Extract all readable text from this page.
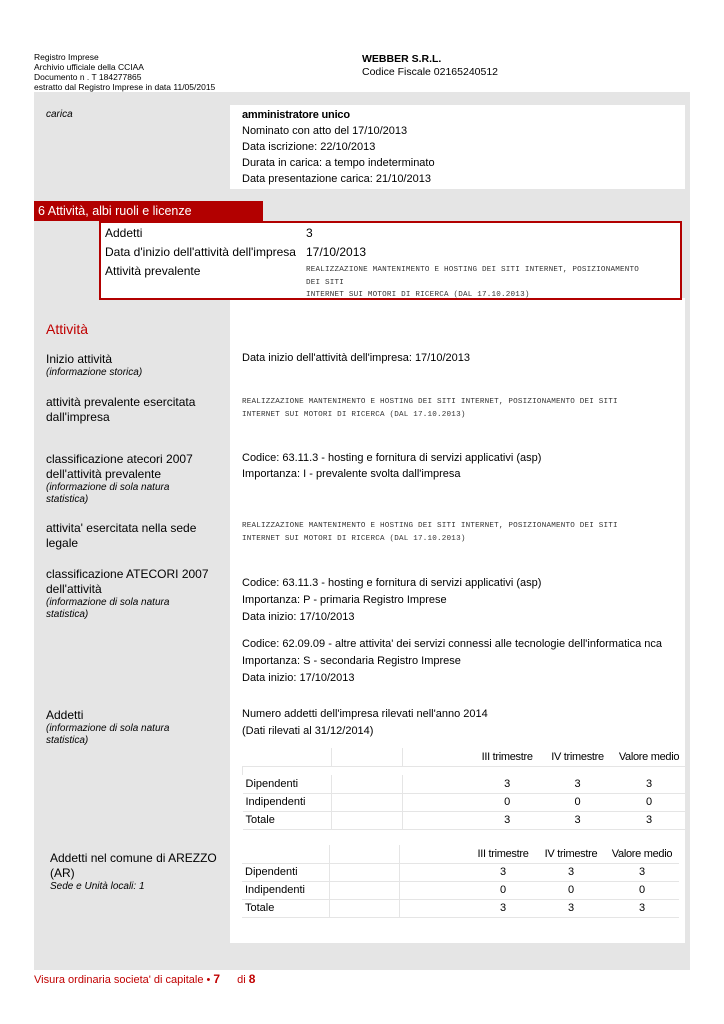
Registro Imprese
Archivio ufficiale della CCIAA
Documento n . T 184277865
estratto dal Registro Imprese in data 11/05/2015
WEBBER S.R.L.
Codice Fiscale 02165240512
carica	amministratore unico
Nominato con atto del 17/10/2013
Data iscrizione: 22/10/2013
Durata in carica: a tempo indeterminato
Data presentazione carica: 21/10/2013
6 Attività, albi ruoli e licenze
Addetti	3
Data d'inizio dell'attività dell'impresa 17/10/2013
Attività prevalente	REALIZZAZIONE MANTENIMENTO E HOSTING DEI SITI INTERNET, POSIZIONAMENTO
DEI SITI
INTERNET SUI MOTORI DI RICERCA (DAL 17.10.2013)
Attività
Inizio attività
(informazione storica)
Data inizio dell'attività dell'impresa: 17/10/2013
attività prevalente esercitata
dall'impresa
REALIZZAZIONE MANTENIMENTO E HOSTING DEI SITI INTERNET, POSIZIONAMENTO DEI SITI
INTERNET SUI MOTORI DI RICERCA (DAL 17.10.2013)
classificazione atecori 2007
dell'attività prevalente
(informazione di sola natura
statistica)
Codice: 63.11.3 - hosting e fornitura di servizi applicativi (asp)
Importanza: I - prevalente svolta dall'impresa
attivita' esercitata nella sede
legale
REALIZZAZIONE MANTENIMENTO E HOSTING DEI SITI INTERNET, POSIZIONAMENTO DEI SITI
INTERNET SUI MOTORI DI RICERCA (DAL 17.10.2013)
classificazione ATECORI 2007
dell'attività
(informazione di sola natura
statistica)
Codice: 63.11.3 - hosting e fornitura di servizi applicativi (asp)
Importanza: P - primaria Registro Imprese
Data inizio: 17/10/2013
Codice: 62.09.09 - altre attivita' dei servizi connessi alle tecnologie dell'informatica nca
Importanza: S - secondaria Registro Imprese
Data inizio: 17/10/2013
Addetti
(informazione di sola natura
statistica)
Numero addetti dell'impresa rilevati nell'anno 2014
(Dati rilevati al 31/12/2014)
			III trimestre	IV trimestre	Valore medio

Dipendenti			3	3	3
Indipendenti			0	0	0
Totale			3	3	3
Addetti nel comune di AREZZO
(AR)
Sede e Unità locali: 1
			III trimestre	IV trimestre	Valore medio
Dipendenti			3	3	3
Indipendenti			0	0	0
Totale			3	3	3
Visura ordinaria societa' di capitale • 7 di 8
